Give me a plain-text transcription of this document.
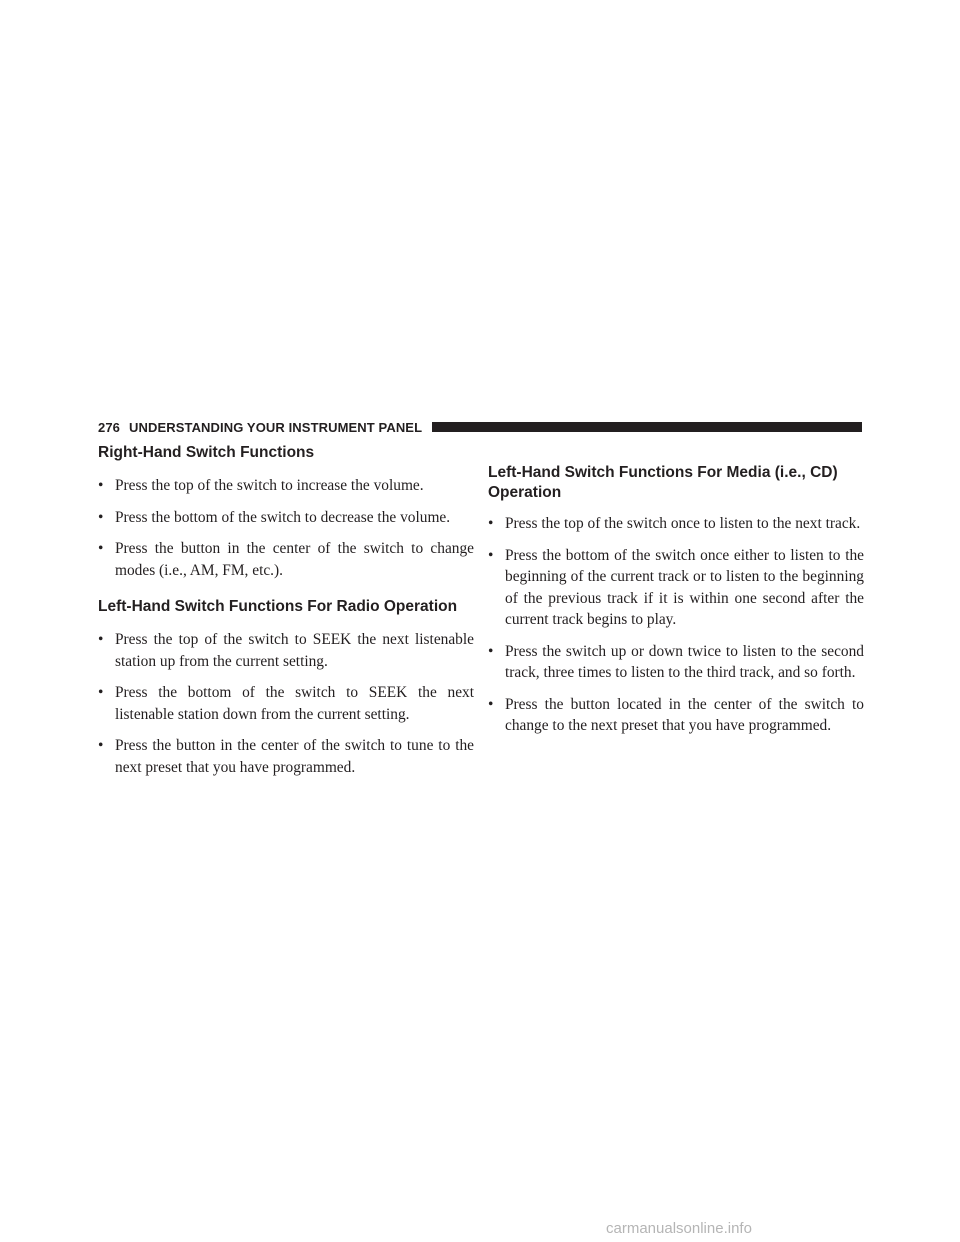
276 UNDERSTANDING YOUR INSTRUMENT PANEL
Right-Hand Switch Functions
• Press the top of the switch to increase the volume.
• Press the bottom of the switch to decrease the volume.
• Press the button in the center of the switch to change modes (i.e., AM, FM, etc.).
Left-Hand Switch Functions For Radio Operation
• Press the top of the switch to SEEK the next listenable station up from the current setting.
• Press the bottom of the switch to SEEK the next listenable station down from the current setting.
• Press the button in the center of the switch to tune to the next preset that you have programmed.
Left-Hand Switch Functions For Media (i.e., CD) Operation
• Press the top of the switch once to listen to the next track.
• Press the bottom of the switch once either to listen to the beginning of the current track or to listen to the beginning of the previous track if it is within one second after the current track begins to play.
• Press the switch up or down twice to listen to the second track, three times to listen to the third track, and so forth.
• Press the button located in the center of the switch to change to the next preset that you have programmed.
carmanualsonline.info
